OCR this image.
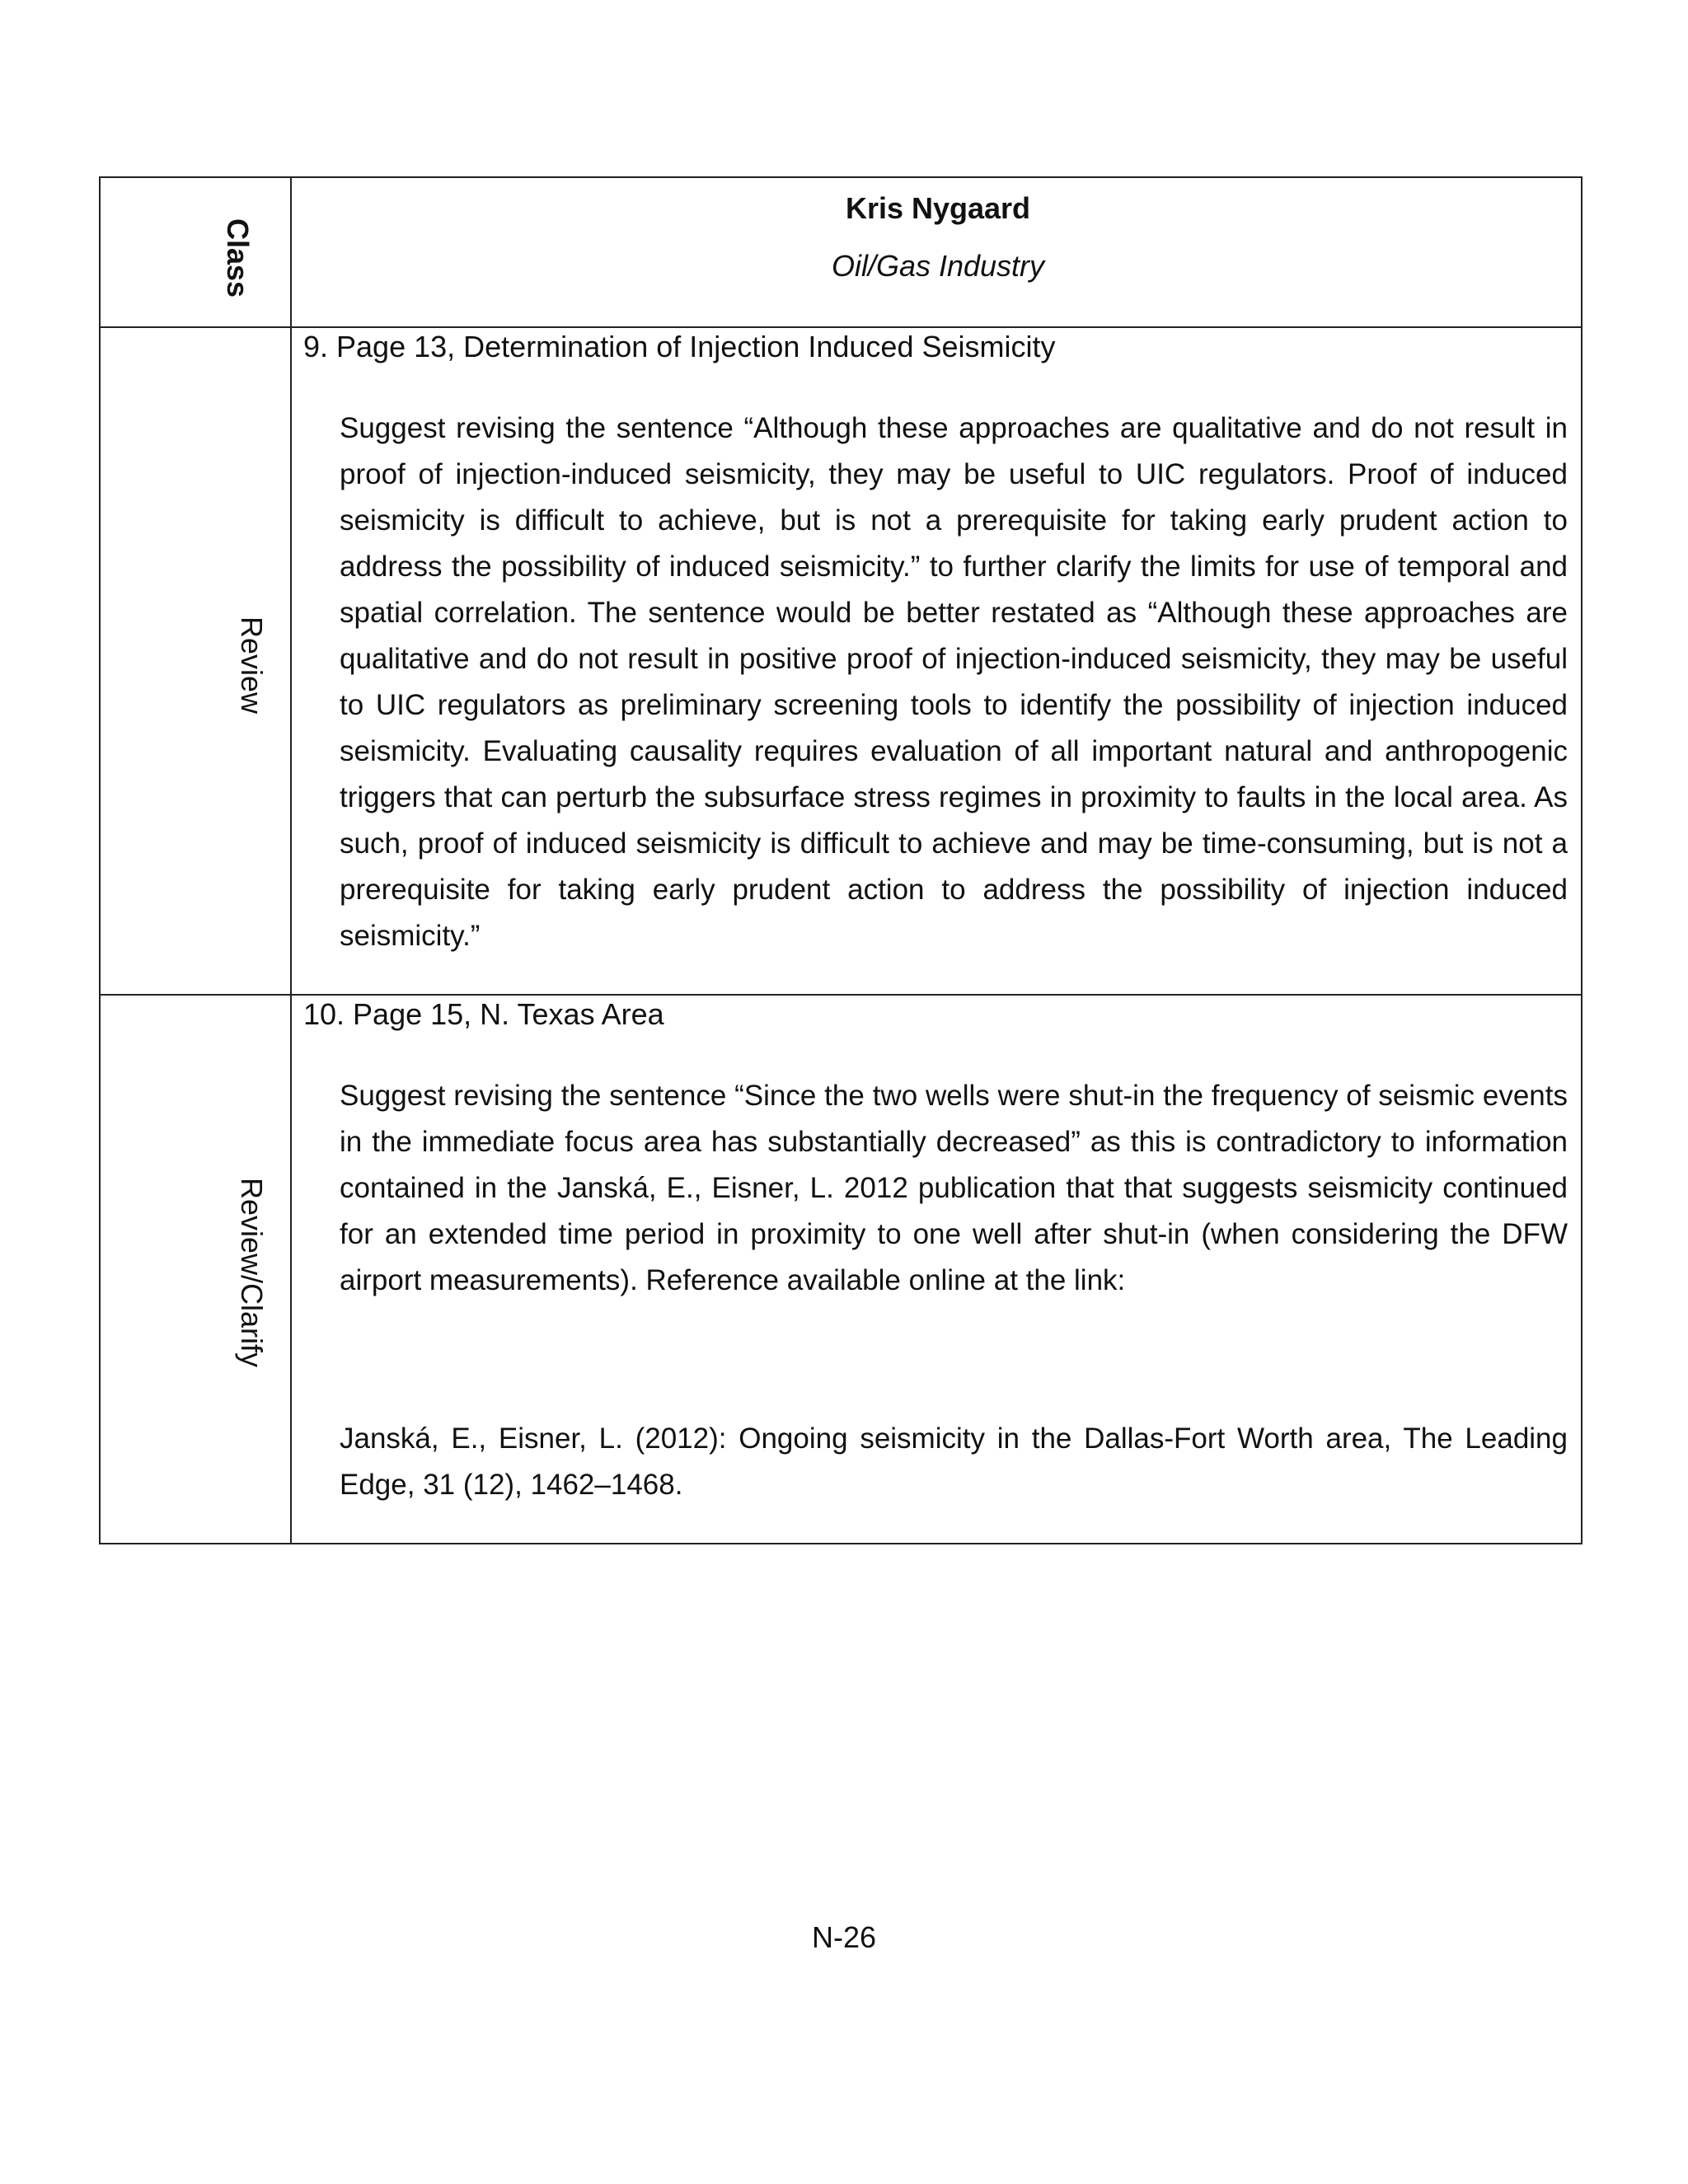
Class
Kris Nygaard
Oil/Gas Industry
Review
9. Page 13, Determination of Injection Induced Seismicity

Suggest revising the sentence “Although these approaches are qualitative and do not result in proof of injection-induced seismicity, they may be useful to UIC regulators. Proof of induced seismicity is difficult to achieve, but is not a prerequisite for taking early prudent action to address the possibility of induced seismicity.” to further clarify the limits for use of temporal and spatial correlation. The sentence would be better restated as “Although these approaches are qualitative and do not result in positive proof of injection-induced seismicity, they may be useful to UIC regulators as preliminary screening tools to identify the possibility of injection induced seismicity. Evaluating causality requires evaluation of all important natural and anthropogenic triggers that can perturb the subsurface stress regimes in proximity to faults in the local area. As such, proof of induced seismicity is difficult to achieve and may be time-consuming, but is not a prerequisite for taking early prudent action to address the possibility of injection induced seismicity.”

Review/Clarify
10. Page 15, N. Texas Area

Suggest revising the sentence “Since the two wells were shut-in the frequency of seismic events in the immediate focus area has substantially decreased” as this is contradictory to information contained in the Janská, E., Eisner, L. 2012 publication that that suggests seismicity continued for an extended time period in proximity to one well after shut-in (when considering the DFW airport measurements). Reference available online at the link:

Janská, E., Eisner, L. (2012): Ongoing seismicity in the Dallas-Fort Worth area, The Leading Edge, 31 (12), 1462–1468.

N-26
